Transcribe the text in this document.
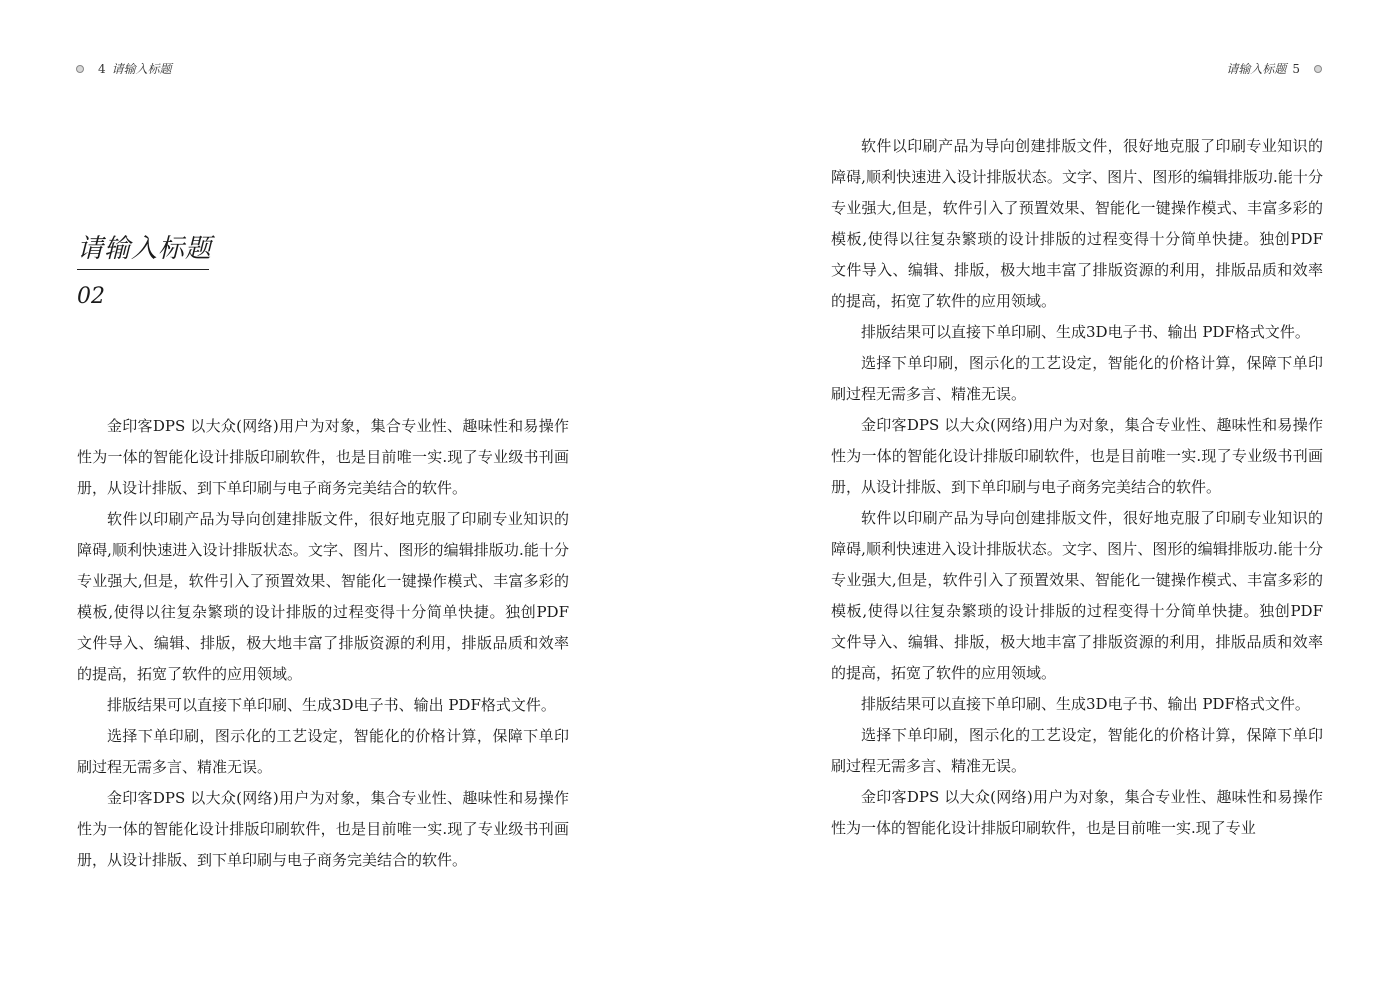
4 请输入标题
请输入标题
02

金印客DPS 以大众(网络)用户为对象，集合专业性、趣味性和易操作性为一体的智能化设计排版印刷软件，也是目前唯一实.现了专业级书刊画册，从设计排版、到下单印刷与电子商务完美结合的软件。

软件以印刷产品为导向创建排版文件，很好地克服了印刷专业知识的障碍,顺利快速进入设计排版状态。文字、图片、图形的编辑排版功.能十分专业强大,但是，软件引入了预置效果、智能化一键操作模式、丰富多彩的模板,使得以往复杂繁琐的设计排版的过程变得十分简单快捷。独创PDF 文件导入、编辑、排版，极大地丰富了排版资源的利用，排版品质和效率的提高，拓宽了软件的应用领域。

排版结果可以直接下单印刷、生成3D电子书、输出 PDF格式文件。

选择下单印刷，图示化的工艺设定，智能化的价格计算，保障下单印刷过程无需多言、精准无误。

金印客DPS 以大众(网络)用户为对象，集合专业性、趣味性和易操作性为一体的智能化设计排版印刷软件，也是目前唯一实.现了专业级书刊画册，从设计排版、到下单印刷与电子商务完美结合的软件。

请输入标题 5

软件以印刷产品为导向创建排版文件，很好地克服了印刷专业知识的障碍,顺利快速进入设计排版状态。文字、图片、图形的编辑排版功.能十分专业强大,但是，软件引入了预置效果、智能化一键操作模式、丰富多彩的模板,使得以往复杂繁琐的设计排版的过程变得十分简单快捷。独创PDF 文件导入、编辑、排版，极大地丰富了排版资源的利用，排版品质和效率的提高，拓宽了软件的应用领域。

排版结果可以直接下单印刷、生成3D电子书、输出 PDF格式文件。

选择下单印刷，图示化的工艺设定，智能化的价格计算，保障下单印刷过程无需多言、精准无误。

金印客DPS 以大众(网络)用户为对象，集合专业性、趣味性和易操作性为一体的智能化设计排版印刷软件，也是目前唯一实.现了专业级书刊画册，从设计排版、到下单印刷与电子商务完美结合的软件。

软件以印刷产品为导向创建排版文件，很好地克服了印刷专业知识的障碍,顺利快速进入设计排版状态。文字、图片、图形的编辑排版功.能十分专业强大,但是，软件引入了预置效果、智能化一键操作模式、丰富多彩的模板,使得以往复杂繁琐的设计排版的过程变得十分简单快捷。独创PDF 文件导入、编辑、排版，极大地丰富了排版资源的利用，排版品质和效率的提高，拓宽了软件的应用领域。

排版结果可以直接下单印刷、生成3D电子书、输出 PDF格式文件。

选择下单印刷，图示化的工艺设定，智能化的价格计算，保障下单印刷过程无需多言、精准无误。

金印客DPS 以大众(网络)用户为对象，集合专业性、趣味性和易操作性为一体的智能化设计排版印刷软件，也是目前唯一实.现了专业
